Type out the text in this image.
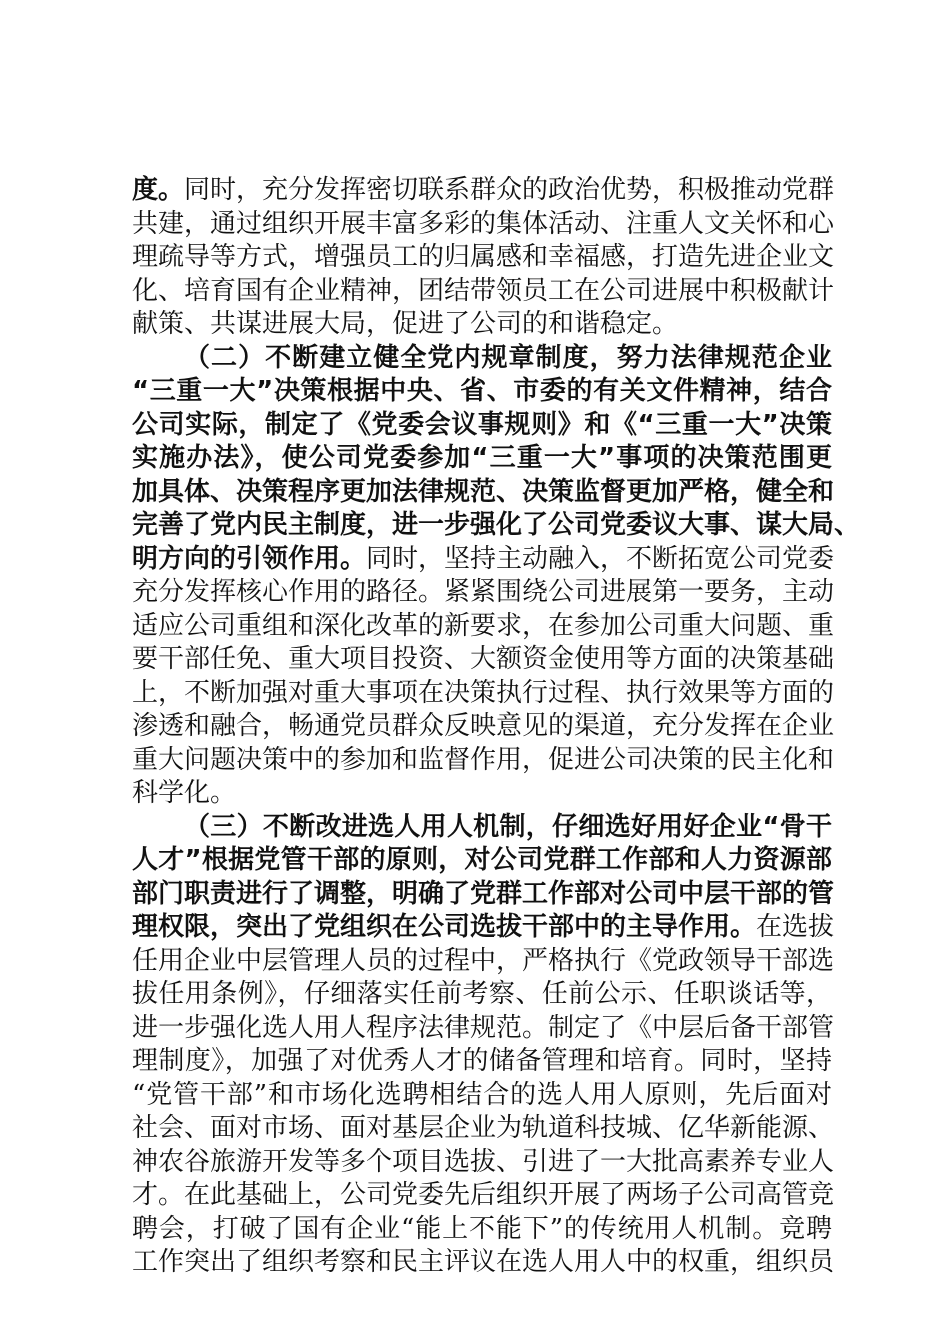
度。同时，充分发挥密切联系群众的政治优势，积极推动党群
共建，通过组织开展丰富多彩的集体活动、注重人文关怀和心
理疏导等方式，增强员工的归属感和幸福感，打造先进企业文
化、培育国有企业精神，团结带领员工在公司进展中积极献计
献策、共谋进展大局，促进了公司的和谐稳定。
（二）不断建立健全党内规章制度，努力法律规范企业
“三重一大”决策根据中央、省、市委的有关文件精神，结合
公司实际，制定了《党委会议事规则》和《“三重一大”决策
实施办法》，使公司党委参加“三重一大”事项的决策范围更
加具体、决策程序更加法律规范、决策监督更加严格，健全和
完善了党内民主制度，进一步强化了公司党委议大事、谋大局、
明方向的引领作用。同时，坚持主动融入，不断拓宽公司党委
充分发挥核心作用的路径。紧紧围绕公司进展第一要务，主动
适应公司重组和深化改革的新要求，在参加公司重大问题、重
要干部任免、重大项目投资、大额资金使用等方面的决策基础
上，不断加强对重大事项在决策执行过程、执行效果等方面的
渗透和融合，畅通党员群众反映意见的渠道，充分发挥在企业
重大问题决策中的参加和监督作用，促进公司决策的民主化和
科学化。
（三）不断改进选人用人机制，仔细选好用好企业“骨干
人才”根据党管干部的原则，对公司党群工作部和人力资源部
部门职责进行了调整，明确了党群工作部对公司中层干部的管
理权限，突出了党组织在公司选拔干部中的主导作用。在选拔
任用企业中层管理人员的过程中，严格执行《党政领导干部选
拔任用条例》，仔细落实任前考察、任前公示、任职谈话等，
进一步强化选人用人程序法律规范。制定了《中层后备干部管
理制度》，加强了对优秀人才的储备管理和培育。同时，坚持
“党管干部”和市场化选聘相结合的选人用人原则，先后面对
社会、面对市场、面对基层企业为轨道科技城、亿华新能源、
神农谷旅游开发等多个项目选拔、引进了一大批高素养专业人
才。在此基础上，公司党委先后组织开展了两场子公司高管竞
聘会，打破了国有企业“能上不能下”的传统用人机制。竞聘
工作突出了组织考察和民主评议在选人用人中的权重，组织员
